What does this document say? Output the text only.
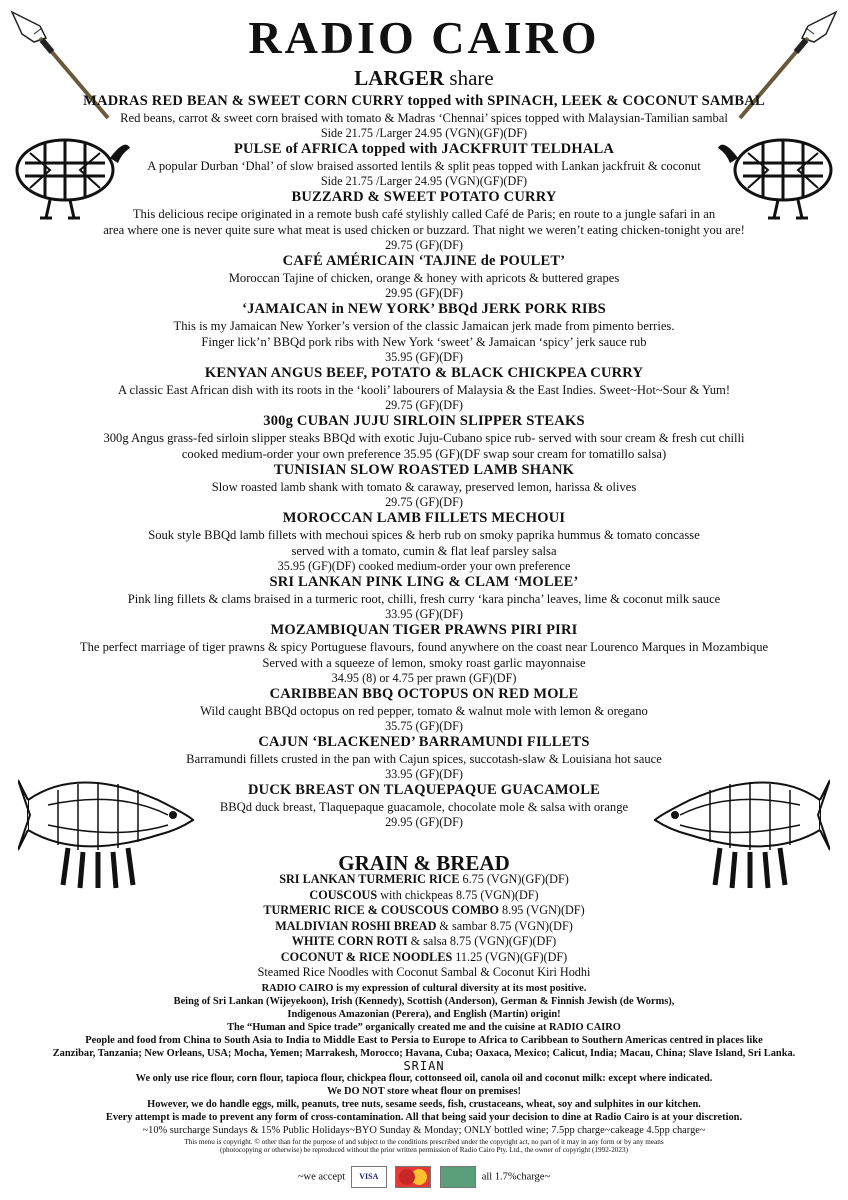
RADIO CAIRO
LARGER share
MADRAS RED BEAN & SWEET CORN CURRY topped with SPINACH, LEEK & COCONUT SAMBAL
Red beans, carrot & sweet corn braised with tomato & Madras ‘Chennai’ spices topped with Malaysian-Tamilian sambal
Side 21.75 /Larger 24.95 (VGN)(GF)(DF)
PULSE of AFRICA topped with JACKFRUIT TELDHALA
A popular Durban ‘Dhal’ of slow braised assorted lentils & split peas topped with Lankan jackfruit & coconut
Side 21.75 /Larger 24.95 (VGN)(GF)(DF)
BUZZARD & SWEET POTATO CURRY
This delicious recipe originated in a remote bush café stylishly called Café de Paris; en route to a jungle safari in an
area where one is never quite sure what meat is used chicken or buzzard. That night we weren’t eating chicken-tonight you are!
29.75 (GF)(DF)
CAFÉ AMÉRICAIN ‘TAJINE de POULET’
Moroccan Tajine of chicken, orange & honey with apricots & buttered grapes
29.95 (GF)(DF)
‘JAMAICAN in NEW YORK’ BBQd JERK PORK RIBS
This is my Jamaican New Yorker’s version of the classic Jamaican jerk made from pimento berries.
Finger lick’n’ BBQd pork ribs with New York ‘sweet’ & Jamaican ‘spicy’ jerk sauce rub
35.95 (GF)(DF)
KENYAN ANGUS BEEF, POTATO & BLACK CHICKPEA CURRY
A classic East African dish with its roots in the ‘kooli’ labourers of Malaysia & the East Indies. Sweet~Hot~Sour & Yum!
29.75 (GF)(DF)
300g CUBAN JUJU SIRLOIN SLIPPER STEAKS
300g Angus grass-fed sirloin slipper steaks BBQd with exotic Juju-Cubano spice rub- served with sour cream & fresh cut chilli
cooked medium-order your own preference 35.95 (GF)(DF swap sour cream for tomatillo salsa)
TUNISIAN SLOW ROASTED LAMB SHANK
Slow roasted lamb shank with tomato & caraway, preserved lemon, harissa & olives
29.75 (GF)(DF)
MOROCCAN LAMB FILLETS MECHOUI
Souk style BBQd lamb fillets with mechoui spices & herb rub on smoky paprika hummus & tomato concasse
served with a tomato, cumin & flat leaf parsley salsa
35.95 (GF)(DF) cooked medium-order your own preference
SRI LANKAN PINK LING & CLAM ‘MOLEE’
Pink ling fillets & clams braised in a turmeric root, chilli, fresh curry ‘kara pincha’ leaves, lime & coconut milk sauce
33.95 (GF)(DF)
MOZAMBIQUAN TIGER PRAWNS PIRI PIRI
The perfect marriage of tiger prawns & spicy Portuguese flavours, found anywhere on the coast near Lourenco Marques in Mozambique
Served with a squeeze of lemon, smoky roast garlic mayonnaise
34.95 (8) or 4.75 per prawn (GF)(DF)
CARIBBEAN BBQ OCTOPUS ON RED MOLE
Wild caught BBQd octopus on red pepper, tomato & walnut mole with lemon & oregano
35.75 (GF)(DF)
CAJUN ‘BLACKENED’ BARRAMUNDI FILLETS
Barramundi fillets crusted in the pan with Cajun spices, succotash-slaw & Louisiana hot sauce
33.95 (GF)(DF)
DUCK BREAST ON TLAQUEPAQUE GUACAMOLE
BBQd duck breast, Tlaquepaque guacamole, chocolate mole & salsa with orange
29.95 (GF)(DF)
GRAIN & BREAD
SRI LANKAN TURMERIC RICE 6.75 (VGN)(GF)(DF)
COUSCOUS with chickpeas 8.75 (VGN)(DF)
TURMERIC RICE & COUSCOUS COMBO 8.95 (VGN)(DF)
MALDIVIAN ROSHI BREAD & sambar 8.75 (VGN)(DF)
WHITE CORN ROTI & salsa 8.75 (VGN)(GF)(DF)
COCONUT & RICE NOODLES 11.25 (VGN)(GF)(DF)
Steamed Rice Noodles with Coconut Sambal & Coconut Kiri Hodhi
RADIO CAIRO is my expression of cultural diversity at its most positive.
Being of Sri Lankan (Wijeyekoon), Irish (Kennedy), Scottish (Anderson), German & Finnish Jewish (de Worms),
Indigenous Amazonian (Perera), and English (Martin) origin!
The “Human and Spice trade” organically created me and the cuisine at RADIO CAIRO
People and food from China to South Asia to India to Middle East to Persia to Europe to Africa to Caribbean to Southern Americas centred in places like
Zanzibar, Tanzania; New Orleans, USA; Mocha, Yemen; Marrakesh, Morocco; Havana, Cuba; Oaxaca, Mexico; Calicut, India; Macau, China; Slave Island, Sri Lanka.
SRIAN
We only use rice flour, corn flour, tapioca flour, chickpea flour, cottonseed oil, canola oil and coconut milk: except where indicated.
We DO NOT store wheat flour on premises!
However, we do handle eggs, milk, peanuts, tree nuts, sesame seeds, fish, crustaceans, wheat, soy and sulphites in our kitchen.
Every attempt is made to prevent any form of cross-contamination. All that being said your decision to dine at Radio Cairo is at your discretion.
~10% surcharge Sundays & 15% Public Holidays~BYO Sunday & Monday; ONLY bottled wine; 7.5pp charge~cakeage 4.5pp charge~
This menu is copyright. © other than for the purpose of and subject to the conditions prescribed under the copyright act, no part of it may in any form or by any means
(photocopying or otherwise) be reproduced without the prior written permission of Radio Cairo Pty. Ltd., the owner of copyright (1992-2023)
~we accept VISA	all 1.7%charge~
